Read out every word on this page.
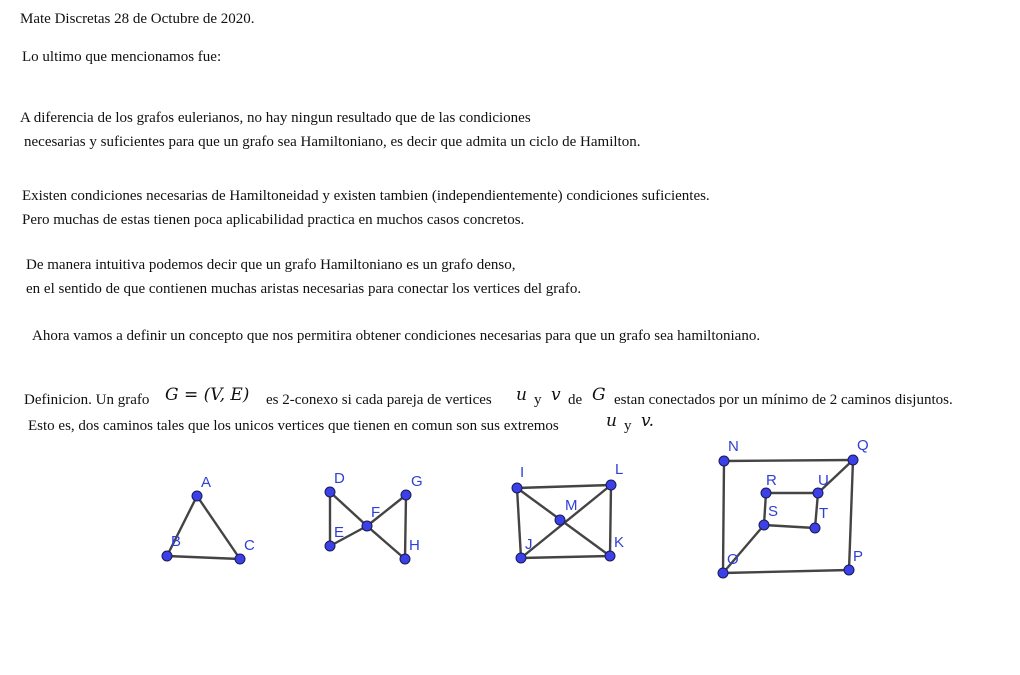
Mate Discretas 28 de Octubre de 2020.
Lo ultimo que mencionamos fue:
A diferencia de los grafos eulerianos, no hay ningun resultado que de las condiciones
necesarias y suficientes para que un grafo sea Hamiltoniano, es decir que admita un ciclo de Hamilton.
Existen condiciones necesarias de Hamiltoneidad y existen tambien (independientemente) condiciones suficientes.
Pero muchas de estas tienen poca aplicabilidad practica en muchos casos concretos.
De manera intuitiva podemos decir que un grafo Hamiltoniano es un grafo denso,
en el sentido de que contienen muchas aristas necesarias para conectar los vertices del grafo.
Ahora vamos a definir un concepto que nos permitira obtener condiciones necesarias para que un grafo sea hamiltoniano.
Definicion. Un grafo G = (V, E) es 2-conexo si cada pareja de vertices u y v de G estan conectados por un mínimo de 2 caminos disjuntos.
Esto es, dos caminos tales que los unicos vertices que tienen en comun son sus extremos	u y v.
A
B	C
D
E
F
G
H
I	L
M
J	K
N	Q
R	U
S	T
O	P
